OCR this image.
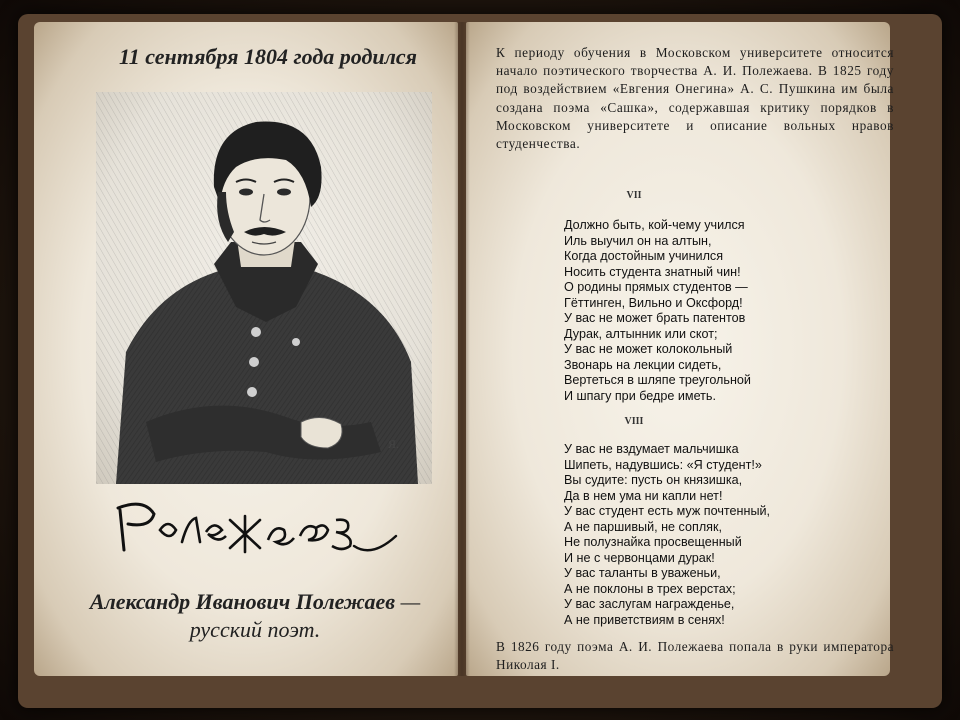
11 сентября 1804 года родился
Я.
Александр Иванович Полежаев —
русский поэт.
К периоду обучения в Московском университете относится начало поэтического творчества А. И. Полежаева. В 1825 году под воздействием «Евгения Онегина» А. С. Пушкина им была создана поэма «Сашка», содержавшая критику порядков в Московском университете и описание вольных нравов студенчества.
VII
Должно быть, кой-чему учился
Иль выучил он на алтын,
Когда достойным учинился
Носить студента знатный чин!
О родины прямых студентов —
Гёттинген, Вильно и Оксфорд!
У вас не может брать патентов
Дурак, алтынник или скот;
У вас не может колокольный
Звонарь на лекции сидеть,
Вертеться в шляпе треугольной
И шпагу при бедре иметь.
VIII
У вас не вздумает мальчишка
Шипеть, надувшись: «Я студент!»
Вы судите: пусть он князишка,
Да в нем ума ни капли нет!
У вас студент есть муж почтенный,
А не паршивый, не сопляк,
Не полузнайка просвещенный
И не с червонцами дурак!
У вас таланты в уваженьи,
А не поклоны в трех верстах;
У вас заслугам награжденье,
А не приветствиям в сенях!
В 1826 году поэма А. И. Полежаева попала в руки императора Николая I.
